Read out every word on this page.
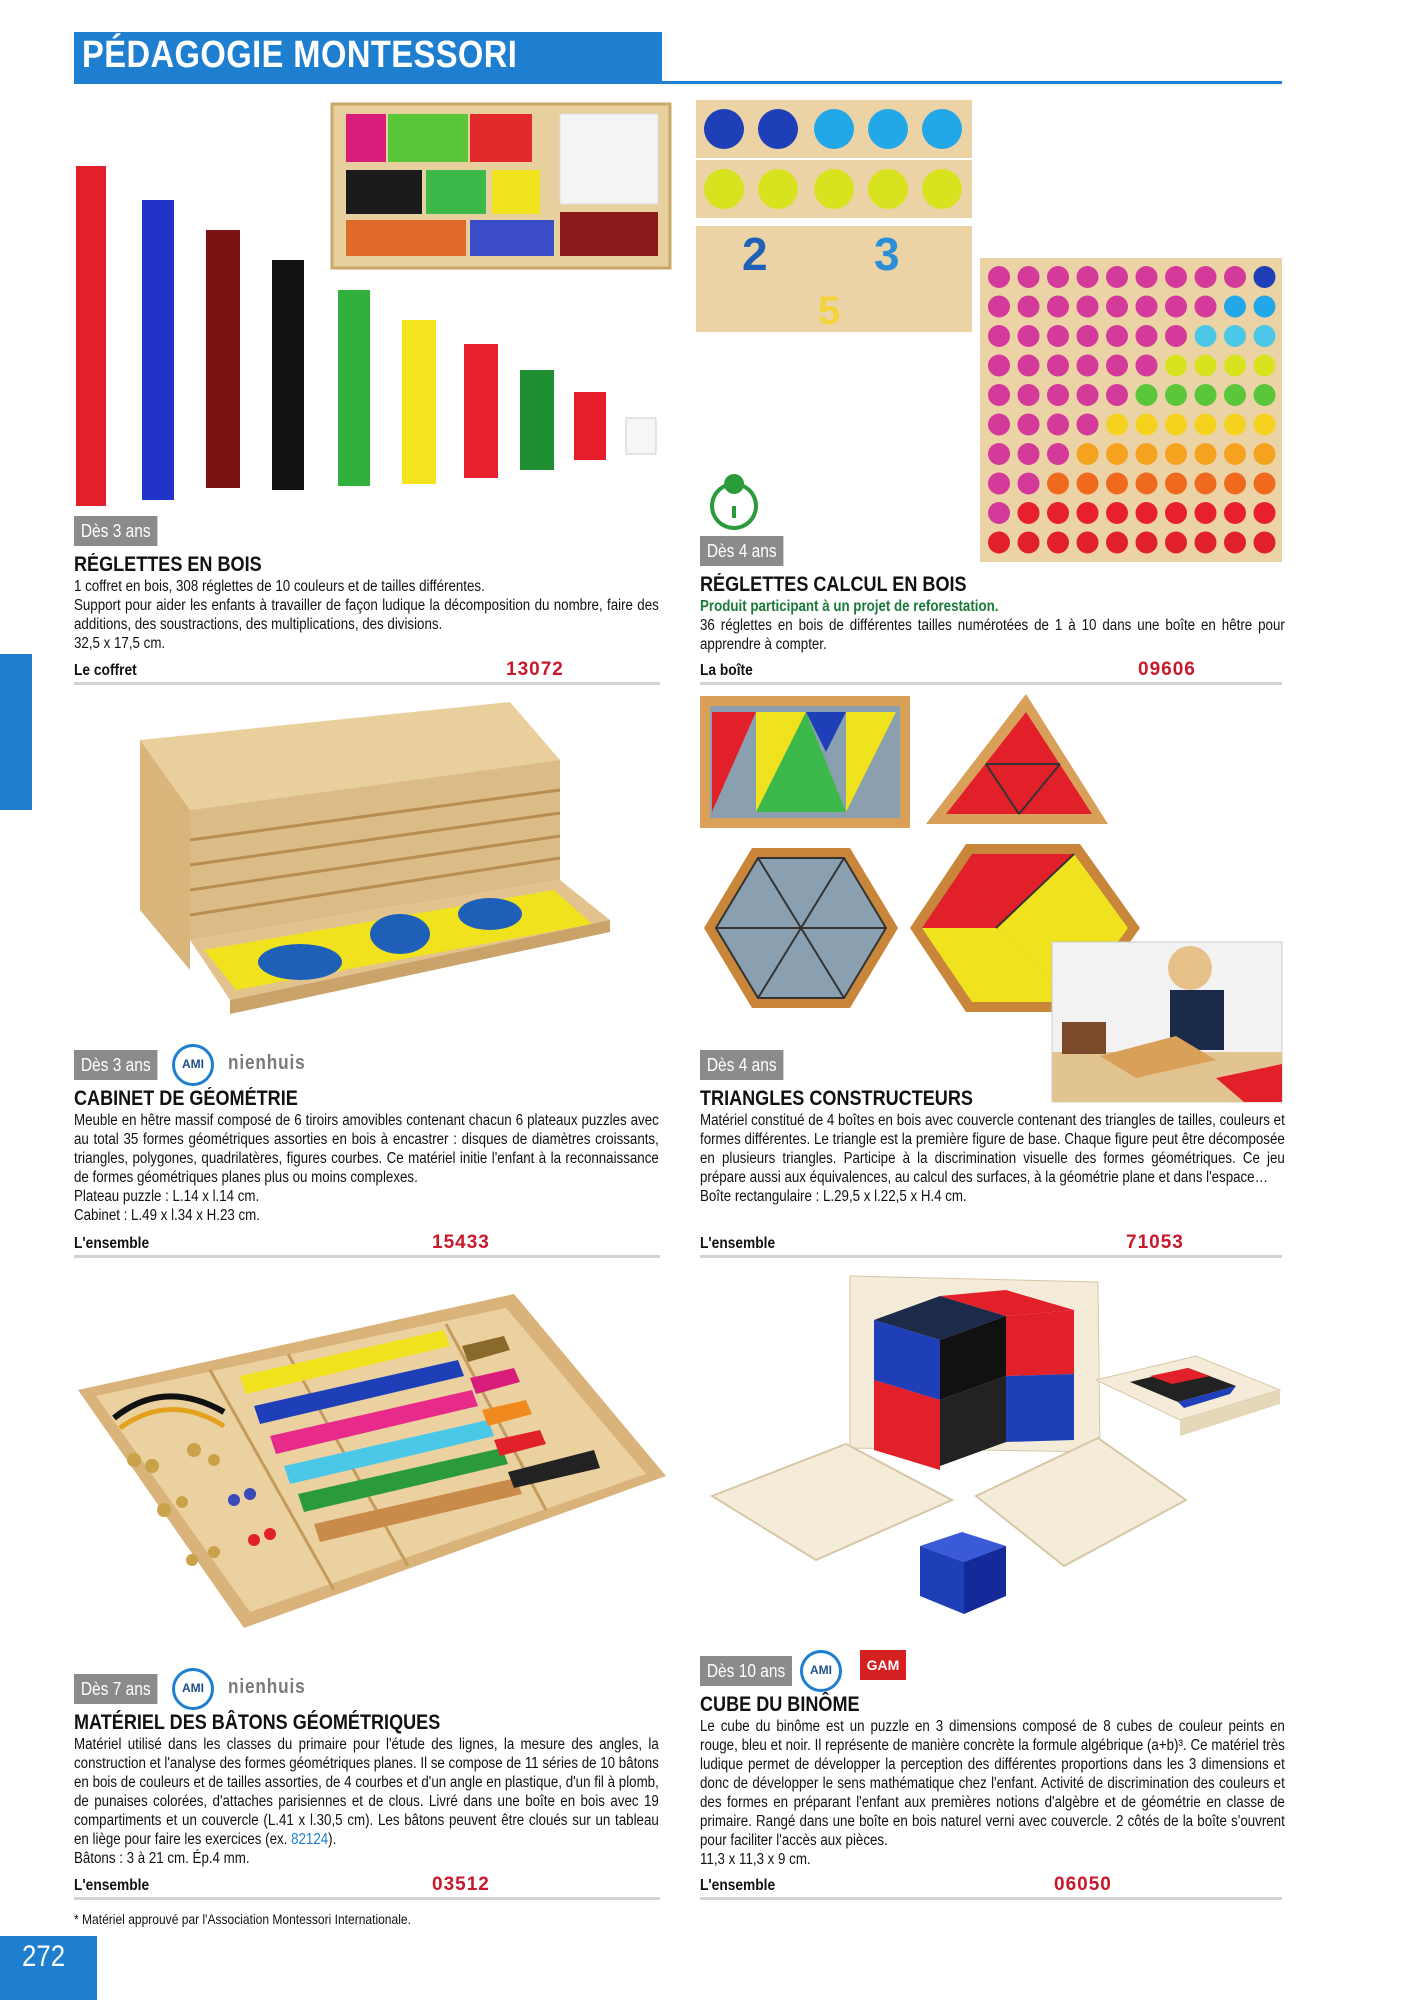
PÉDAGOGIE MONTESSORI
Dès 3 ans
RÉGLETTES EN BOIS

1 coffret en bois, 308 réglettes de 10 couleurs et de tailles différentes.

Support pour aider les enfants à travailler de façon ludique la décomposition du nombre, faire des additions, des soustractions, des multiplications, des divisions.

32,5 x 17,5 cm.

Le coffret	13072
2 3
5
Dès 4 ans
RÉGLETTES CALCUL EN BOIS

Produit participant à un projet de reforestation.

36 réglettes en bois de différentes tailles numérotées de 1 à 10 dans une boîte en hêtre pour apprendre à compter.

La boîte	09606
Dès 3 ans	AMI	nienhuis
CABINET DE GÉOMÉTRIE

Meuble en hêtre massif composé de 6 tiroirs amovibles contenant chacun 6 plateaux puzzles avec au total 35 formes géométriques assorties en bois à encastrer : disques de diamètres croissants, triangles, polygones, quadrilatères, figures courbes. Ce matériel initie l'enfant à la reconnaissance de formes géométriques planes plus ou moins complexes.

Plateau puzzle : L.14 x l.14 cm.

Cabinet : L.49 x l.34 x H.23 cm.

L'ensemble	15433
Dès 4 ans
TRIANGLES CONSTRUCTEURS

Matériel constitué de 4 boîtes en bois avec couvercle contenant des triangles de tailles, couleurs et formes différentes. Le triangle est la première figure de base. Chaque figure peut être décomposée en plusieurs triangles. Participe à la discrimination visuelle des formes géométriques. Ce jeu prépare aussi aux équivalences, au calcul des surfaces, à la géométrie plane et dans l'espace…

Boîte rectangulaire : L.29,5 x l.22,5 x H.4 cm.

L'ensemble	71053
Dès 7 ans	AMI	nienhuis
MATÉRIEL DES BÂTONS GÉOMÉTRIQUES

Matériel utilisé dans les classes du primaire pour l'étude des lignes, la mesure des angles, la construction et l'analyse des formes géométriques planes. Il se compose de 11 séries de 10 bâtons en bois de couleurs et de tailles assorties, de 4 courbes et d'un angle en plastique, d'un fil à plomb, de punaises colorées, d'attaches parisiennes et de clous. Livré dans une boîte en bois avec 19 compartiments et un couvercle (L.41 x l.30,5 cm). Les bâtons peuvent être cloués sur un tableau en liège pour faire les exercices (ex. 82124).

Bâtons : 3 à 21 cm. Ép.4 mm.

L'ensemble	03512
Dès 10 ans	AMI	GAM
CUBE DU BINÔME

Le cube du binôme est un puzzle en 3 dimensions composé de 8 cubes de couleur peints en rouge, bleu et noir. Il représente de manière concrète la formule algébrique (a+b)³. Ce matériel très ludique permet de développer la perception des différentes proportions dans les 3 dimensions et donc de développer le sens mathématique chez l'enfant. Activité de discrimination des couleurs et des formes en préparant l'enfant aux premières notions d'algèbre et de géométrie en classe de primaire. Rangé dans une boîte en bois naturel verni avec couvercle. 2 côtés de la boîte s'ouvrent pour faciliter l'accès aux pièces.

11,3 x 11,3 x 9 cm.

L'ensemble	06050
* Matériel approuvé par l'Association Montessori Internationale.
272
